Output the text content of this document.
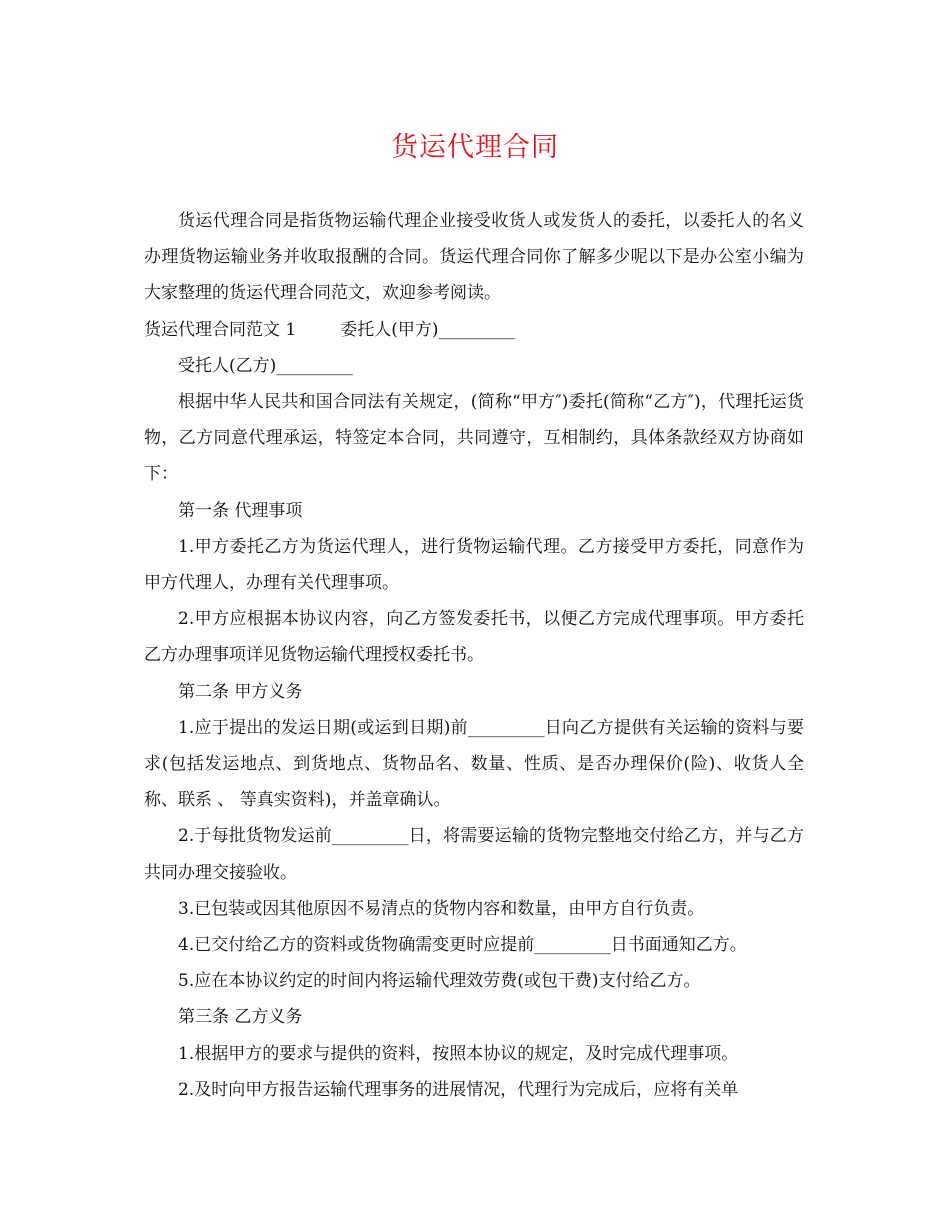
货运代理合同

货运代理合同是指货物运输代理企业接受收货人或发货人的委托，以委托人的名义办理货物运输业务并收取报酬的合同。货运代理合同你了解多少呢以下是办公室小编为大家整理的货运代理合同范文，欢迎参考阅读。

货运代理合同范文 1	委托人(甲方)_________

受托人(乙方)_________

根据中华人民共和国合同法有关规定，(简称“甲方″)委托(简称“乙方″)，代理托运货物，乙方同意代理承运，特签定本合同，共同遵守，互相制约，具体条款经双方协商如下：

第一条 代理事项

1.甲方委托乙方为货运代理人，进行货物运输代理。乙方接受甲方委托，同意作为甲方代理人，办理有关代理事项。

2.甲方应根据本协议内容，向乙方签发委托书，以便乙方完成代理事项。甲方委托乙方办理事项详见货物运输代理授权委托书。

第二条 甲方义务

1.应于提出的发运日期(或运到日期)前_________日向乙方提供有关运输的资料与要求(包括发运地点、到货地点、货物品名、数量、性质、是否办理保价(险)、收货人全称、联系 、 等真实资料)，并盖章确认。

2.于每批货物发运前_________日，将需要运输的货物完整地交付给乙方，并与乙方共同办理交接验收。

3.已包装或因其他原因不易清点的货物内容和数量，由甲方自行负责。

4.已交付给乙方的资料或货物确需变更时应提前_________日书面通知乙方。

5.应在本协议约定的时间内将运输代理效劳费(或包干费)支付给乙方。

第三条 乙方义务

1.根据甲方的要求与提供的资料，按照本协议的规定，及时完成代理事项。

2.及时向甲方报告运输代理事务的进展情况，代理行为完成后，应将有关单
